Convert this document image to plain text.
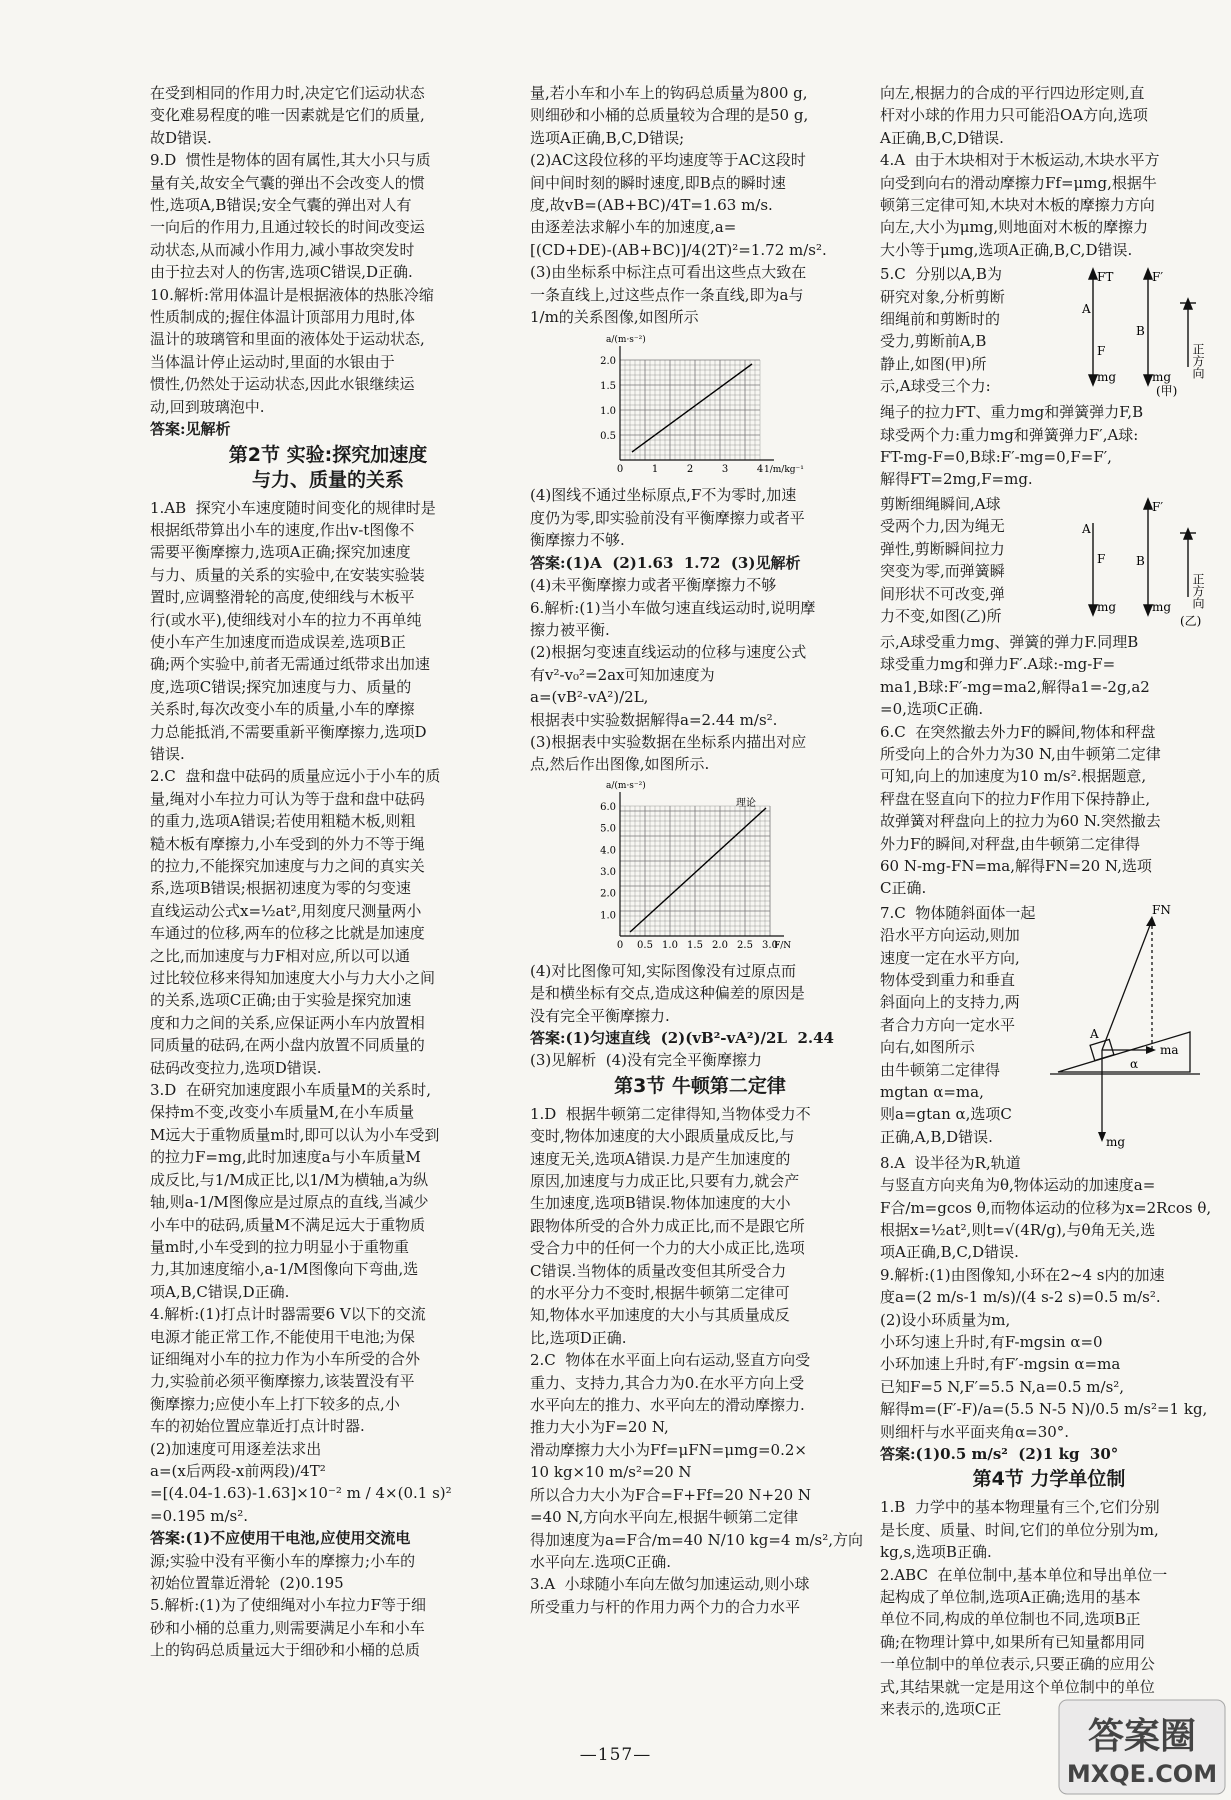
在受到相同的作用力时,决定它们运动状态

变化难易程度的唯一因素就是它们的质量,

故D错误.

9.D  惯性是物体的固有属性,其大小只与质

量有关,故安全气囊的弹出不会改变人的惯

性,选项A,B错误;安全气囊的弹出对人有

一向后的作用力,且通过较长的时间改变运

动状态,从而减小作用力,减小事故突发时

由于拉去对人的伤害,选项C错误,D正确.

10.解析:常用体温计是根据液体的热胀冷缩

性质制成的;握住体温计顶部用力甩时,体

温计的玻璃管和里面的液体处于运动状态,

当体温计停止运动时,里面的水银由于

惯性,仍然处于运动状态,因此水银继续运

动,回到玻璃泡中.

答案:见解析

第2节 实验:探究加速度
与力、质量的关系

1.AB  探究小车速度随时间变化的规律时是

根据纸带算出小车的速度,作出v-t图像不

需要平衡摩擦力,选项A正确;探究加速度

与力、质量的关系的实验中,在安装实验装

置时,应调整滑轮的高度,使细线与木板平

行(或水平),使细线对小车的拉力不再单纯

使小车产生加速度而造成误差,选项B正

确;两个实验中,前者无需通过纸带求出加速

度,选项C错误;探究加速度与力、质量的

关系时,每次改变小车的质量,小车的摩擦

力总能抵消,不需要重新平衡摩擦力,选项D

错误.

2.C  盘和盘中砝码的质量应远小于小车的质

量,绳对小车拉力可认为等于盘和盘中砝码

的重力,选项A错误;若使用粗糙木板,则粗

糙木板有摩擦力,小车受到的外力不等于绳

的拉力,不能探究加速度与力之间的真实关

系,选项B错误;根据初速度为零的匀变速

直线运动公式x=½at²,用刻度尺测量两小

车通过的位移,两车的位移之比就是加速度

之比,而加速度与力F相对应,所以可以通

过比较位移来得知加速度大小与力大小之间

的关系,选项C正确;由于实验是探究加速

度和力之间的关系,应保证两小车内放置相

同质量的砝码,在两小盘内放置不同质量的

砝码改变拉力,选项D错误.

3.D  在研究加速度跟小车质量M的关系时,

保持m不变,改变小车质量M,在小车质量

M远大于重物质量m时,即可以认为小车受到

的拉力F=mg,此时加速度a与小车质量M

成反比,与1/M成正比,以1/M为横轴,a为纵

轴,则a-1/M图像应是过原点的直线,当减少

小车中的砝码,质量M不满足远大于重物质

量m时,小车受到的拉力明显小于重物重

力,其加速度缩小,a-1/M图像向下弯曲,选

项A,B,C错误,D正确.

4.解析:(1)打点计时器需要6 V以下的交流

电源才能正常工作,不能使用干电池;为保

证细绳对小车的拉力作为小车所受的合外

力,实验前必须平衡摩擦力,该装置没有平

衡摩擦力;应使小车上打下较多的点,小

车的初始位置应靠近打点计时器.

(2)加速度可用逐差法求出

a=(x后两段-x前两段)/4T²

=[(4.04-1.63)-1.63]×10⁻² m / 4×(0.1 s)²

=0.195 m/s².

答案:(1)不应使用干电池,应使用交流电

源;实验中没有平衡小车的摩擦力;小车的

初始位置靠近滑轮  (2)0.195

5.解析:(1)为了使细绳对小车拉力F等于细

砂和小桶的总重力,则需要满足小车和小车

上的钩码总质量远大于细砂和小桶的总质

量,若小车和小车上的钩码总质量为800 g,

则细砂和小桶的总质量较为合理的是50 g,

选项A正确,B,C,D错误;

(2)AC这段位移的平均速度等于AC这段时

间中间时刻的瞬时速度,即B点的瞬时速

度,故vB=(AB+BC)/4T=1.63 m/s.

由逐差法求解小车的加速度,a=

[(CD+DE)-(AB+BC)]/4(2T)²=1.72 m/s².

(3)由坐标系中标注点可看出这些点大致在

一条直线上,过这些点作一条直线,即为a与

1/m的关系图像,如图所示

2.0
1.5
1.0
0.5
0	1	2	3	4
a/(m·s⁻²)
1/m/kg⁻¹

(4)图线不通过坐标原点,F不为零时,加速

度仍为零,即实验前没有平衡摩擦力或者平

衡摩擦力不够.

答案:(1)A  (2)1.63  1.72  (3)见解析

(4)未平衡摩擦力或者平衡摩擦力不够

6.解析:(1)当小车做匀速直线运动时,说明摩

擦力被平衡.

(2)根据匀变速直线运动的位移与速度公式

有v²-v₀²=2ax可知加速度为

a=(vB²-vA²)/2L,

根据表中实验数据解得a=2.44 m/s².

(3)根据表中实验数据在坐标系内描出对应

点,然后作出图像,如图所示.

6.0
5.0
4.0
3.0
2.0
1.0
0 0.5 1.0 1.5 2.0 2.5 3.0
a/(m·s⁻²)
F/N
理论

(4)对比图像可知,实际图像没有过原点而

是和横坐标有交点,造成这种偏差的原因是

没有完全平衡摩擦力.

答案:(1)匀速直线  (2)(vB²-vA²)/2L  2.44

(3)见解析  (4)没有完全平衡摩擦力

第3节 牛顿第二定律

1.D  根据牛顿第二定律得知,当物体受力不

变时,物体加速度的大小跟质量成反比,与

速度无关,选项A错误.力是产生加速度的

原因,加速度与力成正比,只要有力,就会产

生加速度,选项B错误.物体加速度的大小

跟物体所受的合外力成正比,而不是跟它所

受合力中的任何一个力的大小成正比,选项

C错误.当物体的质量改变但其所受合力

的水平分力不变时,根据牛顿第二定律可

知,物体水平加速度的大小与其质量成反

比,选项D正确.

2.C  物体在水平面上向右运动,竖直方向受

重力、支持力,其合力为0.在水平方向上受

水平向左的推力、水平向左的滑动摩擦力.

推力大小为F=20 N,

滑动摩擦力大小为Ff=μFN=μmg=0.2×

10 kg×10 m/s²=20 N

所以合力大小为F合=F+Ff=20 N+20 N

=40 N,方向水平向左,根据牛顿第二定律

得加速度为a=F合/m=40 N/10 kg=4 m/s²,方向

水平向左.选项C正确.

3.A  小球随小车向左做匀加速运动,则小球

所受重力与杆的作用力两个力的合力水平

向左,根据力的合成的平行四边形定则,直

杆对小球的作用力只可能沿OA方向,选项

A正确,B,C,D错误.

4.A  由于木块相对于木板运动,木块水平方

向受到向右的滑动摩擦力Ff=μmg,根据牛

顿第三定律可知,木块对木板的摩擦力方向

向左,大小为μmg,则地面对木板的摩擦力

大小等于μmg,选项A正确,B,C,D错误.

5.C  分别以A,B为

研究对象,分析剪断

细绳前和剪断时的

受力,剪断前A,B

静止,如图(甲)所

示,A球受三个力:

FT
A
F
mg
F′
B
mg 正方向
(甲)

绳子的拉力FT、重力mg和弹簧弹力F,B

球受两个力:重力mg和弹簧弹力F′,A球:

FT-mg-F=0,B球:F′-mg=0,F=F′,

解得FT=2mg,F=mg.

剪断细绳瞬间,A球

受两个力,因为绳无

弹性,剪断瞬间拉力

突变为零,而弹簧瞬

间形状不可改变,弹

力不变,如图(乙)所

A
F
mg
F′
B
mg 正方向
(乙)

示,A球受重力mg、弹簧的弹力F.同理B

球受重力mg和弹力F′.A球:-mg-F=

ma1,B球:F′-mg=ma2,解得a1=-2g,a2

=0,选项C正确.

6.C  在突然撤去外力F的瞬间,物体和秤盘

所受向上的合外力为30 N,由牛顿第二定律

可知,向上的加速度为10 m/s².根据题意,

秤盘在竖直向下的拉力F作用下保持静止,

故弹簧对秤盘向上的拉力为60 N.突然撤去

外力F的瞬间,对秤盘,由牛顿第二定律得

60 N-mg-FN=ma,解得FN=20 N,选项

C正确.

7.C  物体随斜面体一起

沿水平方向运动,则加

速度一定在水平方向,

物体受到重力和垂直

斜面向上的支持力,两

者合力方向一定水平

向右,如图所示

由牛顿第二定律得

mgtan α=ma,

则a=gtan α,选项C

正确,A,B,D错误.

FN
A
ma
α
mg

8.A  设半径为R,轨道

与竖直方向夹角为θ,物体运动的加速度a=

F合/m=gcos θ,而物体运动的位移为x=2Rcos θ,

根据x=½at²,则t=√(4R/g),与θ角无关,选

项A正确,B,C,D错误.

9.解析:(1)由图像知,小环在2~4 s内的加速

度a=(2 m/s-1 m/s)/(4 s-2 s)=0.5 m/s².

(2)设小环质量为m,

小环匀速上升时,有F-mgsin α=0

小环加速上升时,有F′-mgsin α=ma

已知F=5 N,F′=5.5 N,a=0.5 m/s²,

解得m=(F′-F)/a=(5.5 N-5 N)/0.5 m/s²=1 kg,

则细杆与水平面夹角α=30°.

答案:(1)0.5 m/s²  (2)1 kg  30°

第4节 力学单位制

1.B  力学中的基本物理量有三个,它们分别

是长度、质量、时间,它们的单位分别为m,

kg,s,选项B正确.

2.ABC  在单位制中,基本单位和导出单位一

起构成了单位制,选项A正确;选用的基本

单位不同,构成的单位制也不同,选项B正

确;在物理计算中,如果所有已知量都用同

一单位制中的单位表示,只要正确的应用公

式,其结果就一定是用这个单位制中的单位

来表示的,选项C正

—157—	答案圈
MXQE.COM
